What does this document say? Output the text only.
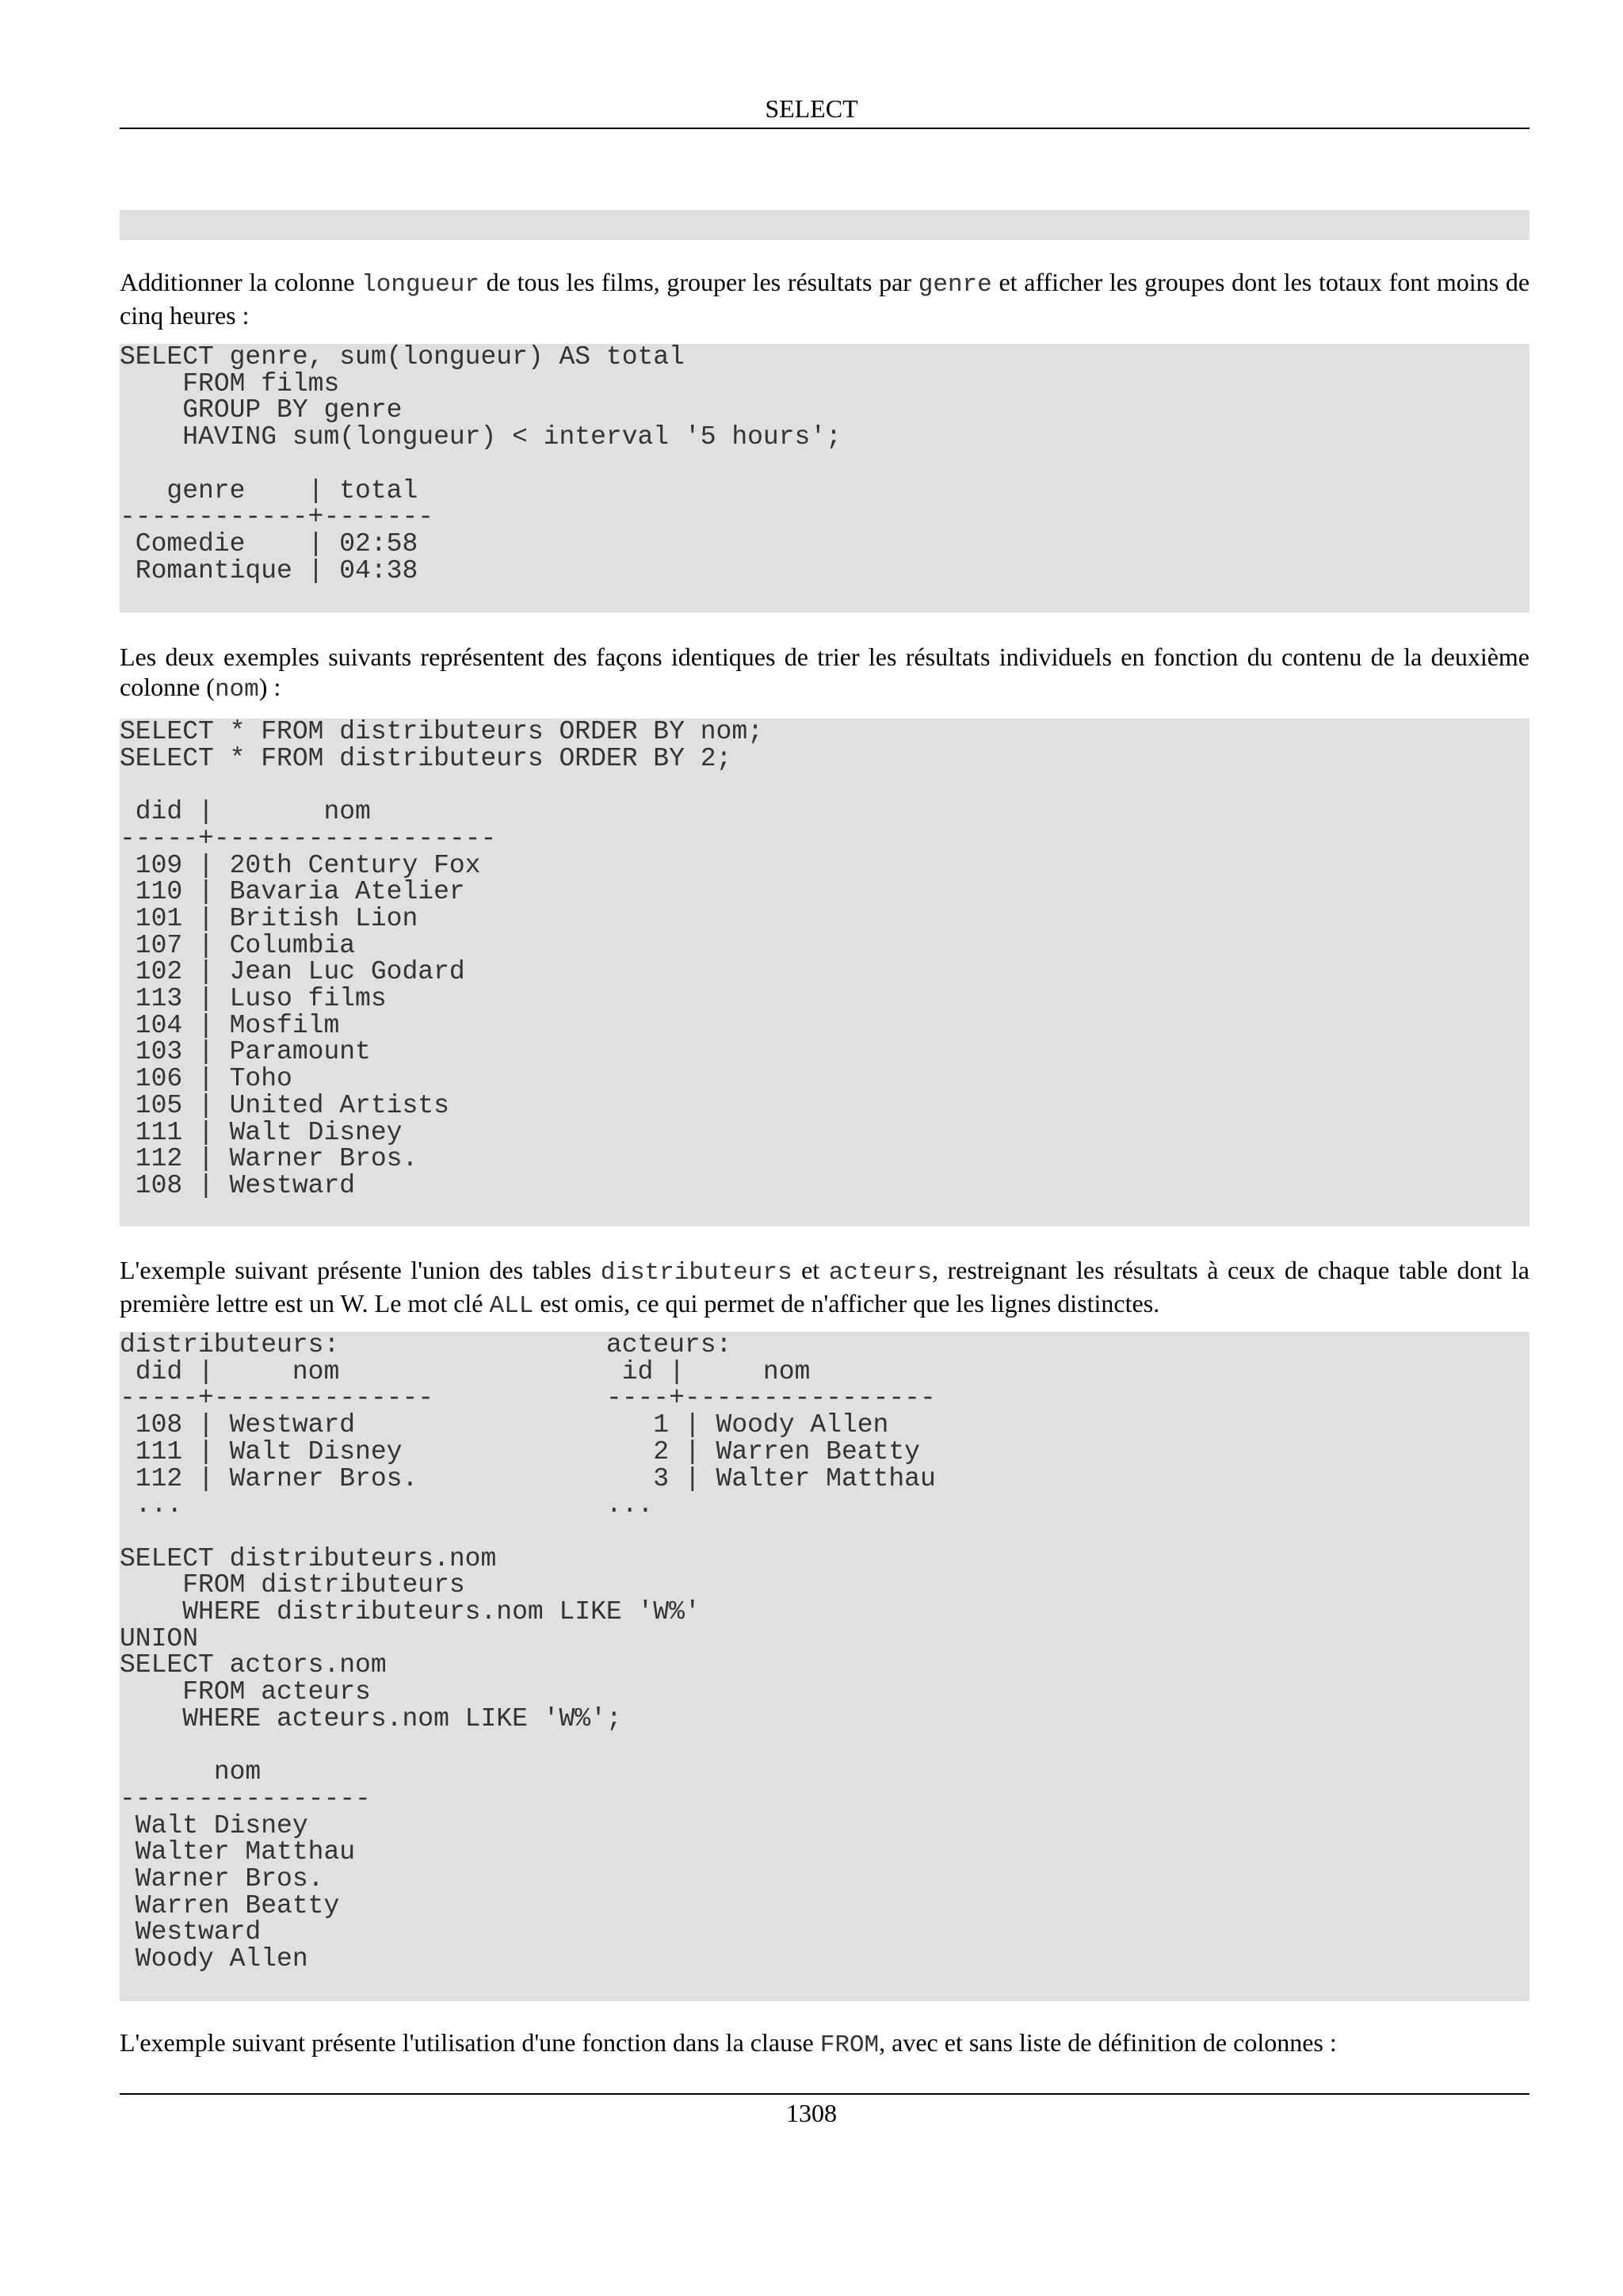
SELECT

Additionner la colonne longueur de tous les films, grouper les résultats par genre et afficher les groupes dont les totaux font moins de cinq heures :

SELECT genre, sum(longueur) AS total
FROM films
GROUP BY genre
HAVING sum(longueur) < interval '5 hours';

genre    | total
------------+-------
Comedie    | 02:58
Romantique | 04:38

Les deux exemples suivants représentent des façons identiques de trier les résultats individuels en fonction du contenu de la deuxième colonne (nom) :

SELECT * FROM distributeurs ORDER BY nom;
SELECT * FROM distributeurs ORDER BY 2;

did |       nom
-----+------------------
109 | 20th Century Fox
110 | Bavaria Atelier
101 | British Lion
107 | Columbia
102 | Jean Luc Godard
113 | Luso films
104 | Mosfilm
103 | Paramount
106 | Toho
105 | United Artists
111 | Walt Disney
112 | Warner Bros.
108 | Westward

L'exemple suivant présente l'union des tables distributeurs et acteurs, restreignant les résultats à ceux de chaque table dont la première lettre est un W. Le mot clé ALL est omis, ce qui permet de n'afficher que les lignes distinctes.

distributeurs:                 acteurs:
did |     nom                  id |     nom
-----+--------------           ----+----------------
108 | Westward                   1 | Woody Allen
111 | Walt Disney                2 | Warren Beatty
112 | Warner Bros.               3 | Walter Matthau
...                           ...

SELECT distributeurs.nom
FROM distributeurs
WHERE distributeurs.nom LIKE 'W%'
UNION
SELECT actors.nom
FROM acteurs
WHERE acteurs.nom LIKE 'W%';

nom
----------------
Walt Disney
Walter Matthau
Warner Bros.
Warren Beatty
Westward
Woody Allen

L'exemple suivant présente l'utilisation d'une fonction dans la clause FROM, avec et sans liste de définition de colonnes :

1308
